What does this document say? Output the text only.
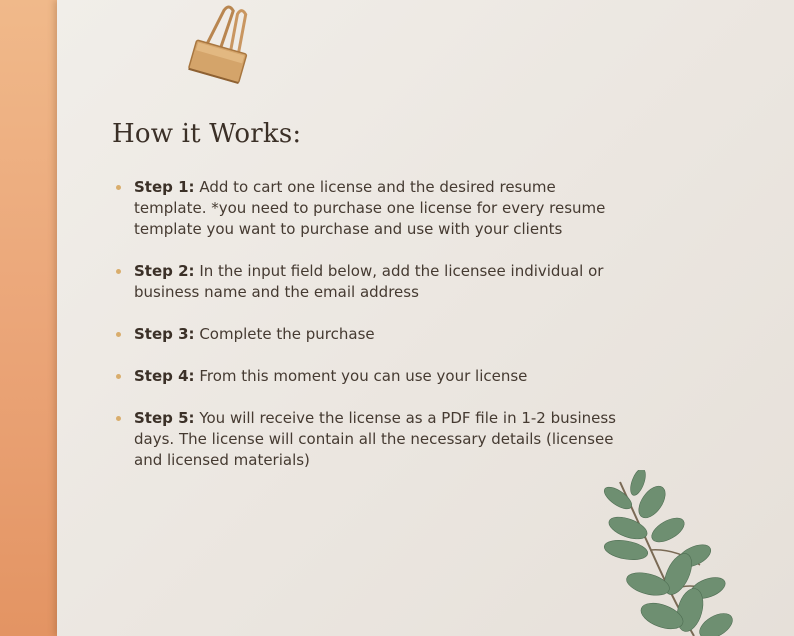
How it Works:
Step 1: Add to cart one license and the desired resume template. *you need to purchase one license for every resume template you want to purchase and use with your clients
Step 2: In the input field below, add the licensee individual or business name and the email address
Step 3: Complete the purchase
Step 4: From this moment you can use your license
Step 5: You will receive the license as a PDF file in 1-2 business days. The license will contain all the necessary details (licensee and licensed materials)
